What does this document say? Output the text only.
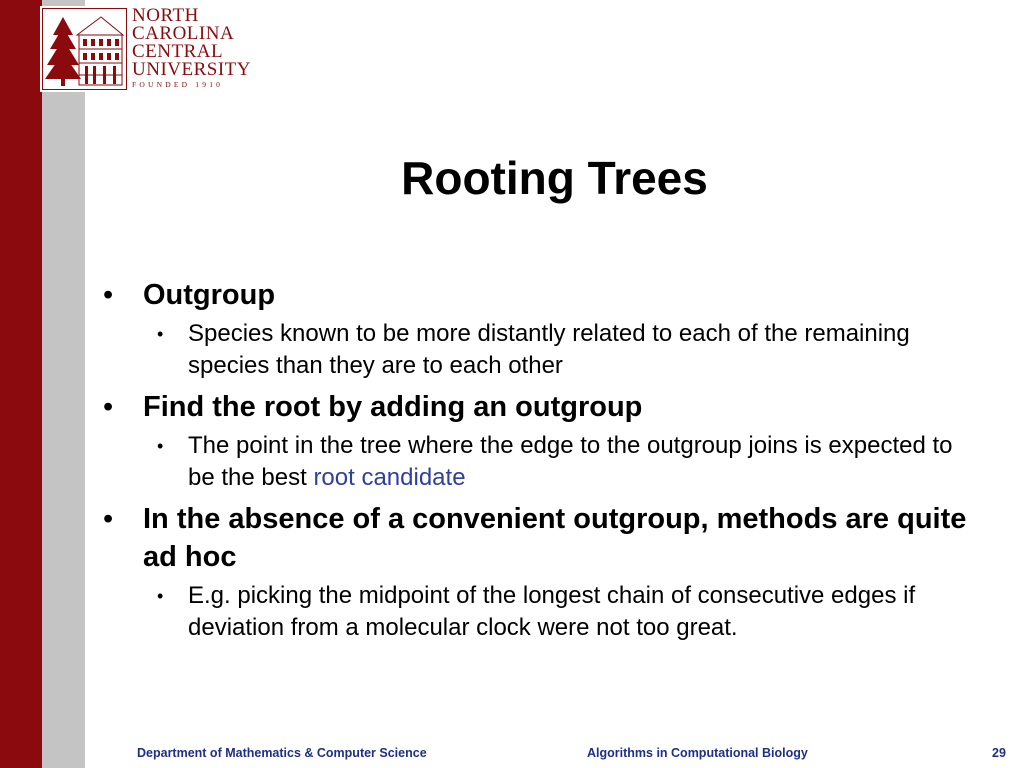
NORTH
CAROLINA
CENTRAL
UNIVERSITY
FOUNDED 1910
Rooting Trees
• Outgroup
• Species known to be more distantly related to each of the remaining species than they are to each other
• Find the root by adding an outgroup
• The point in the tree where the edge to the outgroup joins is expected to be the best root candidate
• In the absence of a convenient outgroup, methods are quite ad hoc
• E.g. picking the midpoint of the longest chain of consecutive edges if deviation from a molecular clock were not too great.
Department of Mathematics & Computer Science	Algorithms in Computational Biology	29
